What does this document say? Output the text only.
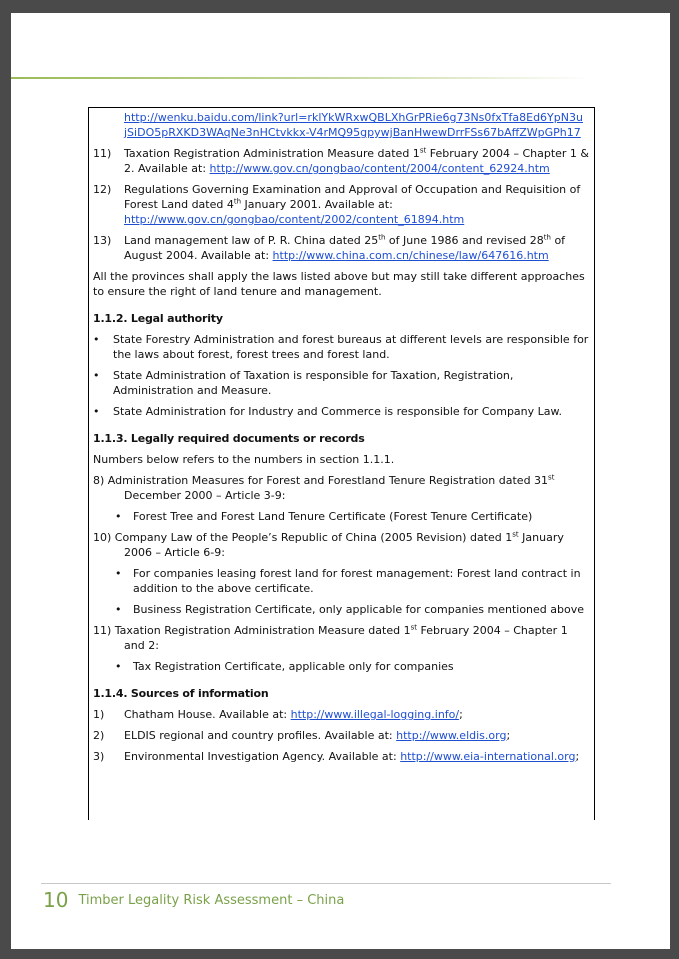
http://wenku.baidu.com/link?url=rklYkWRxwQBLXhGrPRie6g73Ns0fxTfa8Ed6YpN3u
jSiDO5pRXKD3WAqNe3nHCtvkkx-V4rMQ95gpywjBanHwewDrrFSs67bAffZWpGPh17
11)	Taxation Registration Administration Measure dated 1st February 2004 – Chapter 1 & 2. Available at: http://www.gov.cn/gongbao/content/2004/content_62924.htm
12)	Regulations Governing Examination and Approval of Occupation and Requisition of Forest Land dated 4th January 2001. Available at: http://www.gov.cn/gongbao/content/2002/content_61894.htm
13)	Land management law of P. R. China dated 25th of June 1986 and revised 28th of August 2004. Available at: http://www.china.com.cn/chinese/law/647616.htm
All the provinces shall apply the laws listed above but may still take different approaches to ensure the right of land tenure and management.
1.1.2. Legal authority
•	State Forestry Administration and forest bureaus at different levels are responsible for the laws about forest, forest trees and forest land.
•	State Administration of Taxation is responsible for Taxation, Registration, Administration and Measure.
•	State Administration for Industry and Commerce is responsible for Company Law.
1.1.3. Legally required documents or records
Numbers below refers to the numbers in section 1.1.1.
8) Administration Measures for Forest and Forestland Tenure Registration dated 31st December 2000 – Article 3-9:
•	Forest Tree and Forest Land Tenure Certificate (Forest Tenure Certificate)
10) Company Law of the People’s Republic of China (2005 Revision) dated 1st January 2006 – Article 6-9:
•	For companies leasing forest land for forest management: Forest land contract in addition to the above certificate.
•	Business Registration Certificate, only applicable for companies mentioned above
11) Taxation Registration Administration Measure dated 1st February 2004 – Chapter 1 and 2:
•	Tax Registration Certificate, applicable only for companies
1.1.4. Sources of information
1)	Chatham House. Available at: http://www.illegal-logging.info/;
2)	ELDIS regional and country profiles. Available at: http://www.eldis.org;
3)	Environmental Investigation Agency. Available at: http://www.eia-international.org;
10 Timber Legality Risk Assessment – China
